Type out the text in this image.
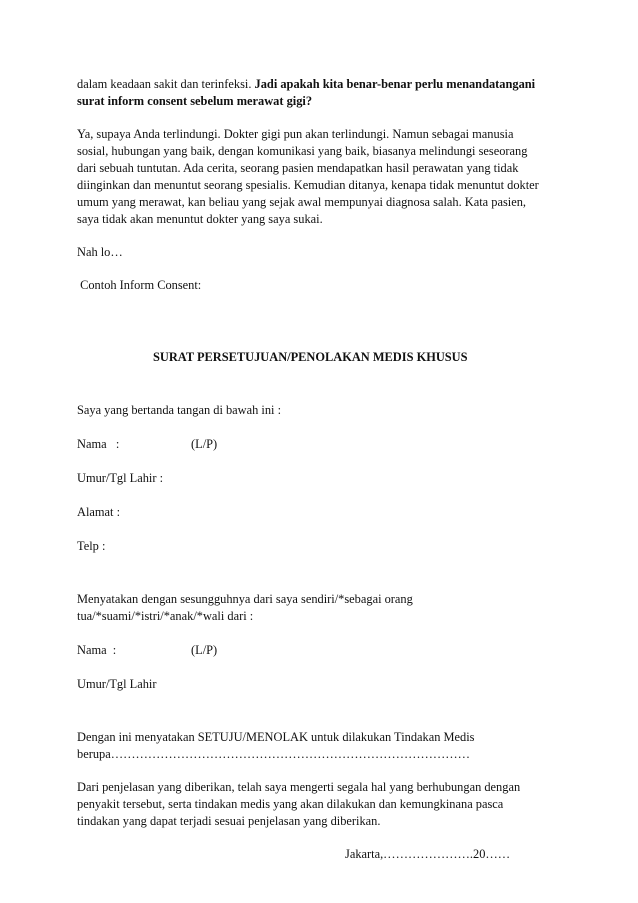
dalam keadaan sakit dan terinfeksi. Jadi apakah kita benar-benar perlu menandatangani
surat inform consent sebelum merawat gigi?

Ya, supaya Anda terlindungi. Dokter gigi pun akan terlindungi. Namun sebagai manusia
sosial, hubungan yang baik, dengan komunikasi yang baik, biasanya melindungi seseorang
dari sebuah tuntutan. Ada cerita, seorang pasien mendapatkan hasil perawatan yang tidak
diinginkan dan menuntut seorang spesialis. Kemudian ditanya, kenapa tidak menuntut dokter
umum yang merawat, kan beliau yang sejak awal mempunyai diagnosa salah. Kata pasien,
saya tidak akan menuntut dokter yang saya sukai.

Nah lo…

Contoh Inform Consent:

SURAT PERSETUJUAN/PENOLAKAN MEDIS KHUSUS

Saya yang bertanda tangan di bawah ini :

Nama   :	(L/P)

Umur/Tgl Lahir :

Alamat :

Telp :

Menyatakan dengan sesungguhnya dari saya sendiri/*sebagai orang
tua/*suami/*istri/*anak/*wali dari :

Nama  :	(L/P)

Umur/Tgl Lahir

Dengan ini menyatakan SETUJU/MENOLAK untuk dilakukan Tindakan Medis
berupa……………………………………………………………………………

Dari penjelasan yang diberikan, telah saya mengerti segala hal yang berhubungan dengan
penyakit tersebut, serta tindakan medis yang akan dilakukan dan kemungkinana pasca
tindakan yang dapat terjadi sesuai penjelasan yang diberikan.

Jakarta,………………….20……
